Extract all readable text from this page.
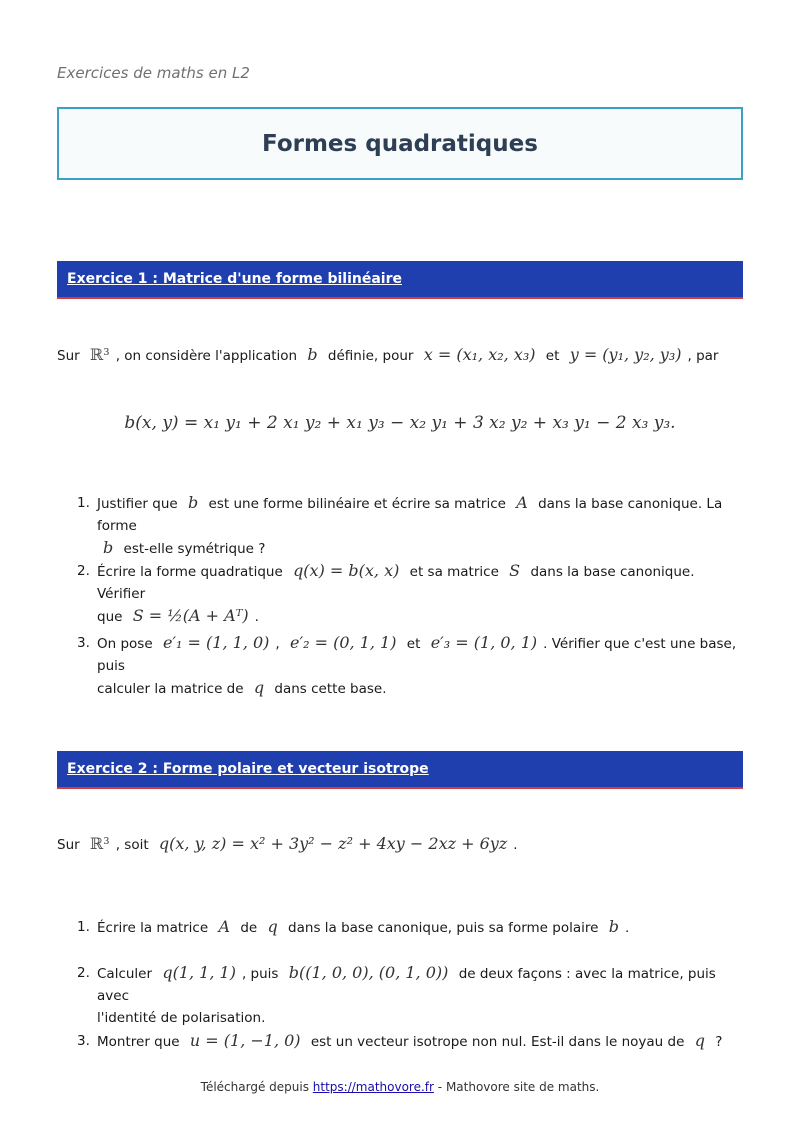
Exercices de maths en L2
Formes quadratiques
Exercice 1 : Matrice d'une forme bilinéaire
Sur ℝ³ , on considère l'application b définie, pour x = (x₁, x₂, x₃) et y = (y₁, y₂, y₃) , par
b(x, y) = x₁ y₁ + 2 x₁ y₂ + x₁ y₃ − x₂ y₁ + 3 x₂ y₂ + x₃ y₁ − 2 x₃ y₃.
1. Justifier que b est une forme bilinéaire et écrire sa matrice A dans la base canonique. La forme
b est-elle symétrique ?
2. Écrire la forme quadratique q(x) = b(x, x) et sa matrice S dans la base canonique. Vérifier
que S = ½(A + Aᵀ) .
3. On pose e′₁ = (1, 1, 0) , e′₂ = (0, 1, 1) et e′₃ = (1, 0, 1) . Vérifier que c'est une base, puis
calculer la matrice de q dans cette base.
Exercice 2 : Forme polaire et vecteur isotrope
Sur ℝ³ , soit q(x, y, z) = x² + 3y² − z² + 4xy − 2xz + 6yz .
1. Écrire la matrice A de q dans la base canonique, puis sa forme polaire b .
2. Calculer q(1, 1, 1) , puis b((1, 0, 0), (0, 1, 0)) de deux façons : avec la matrice, puis avec
l'identité de polarisation.
3. Montrer que u = (1, −1, 0) est un vecteur isotrope non nul. Est-il dans le noyau de q ?
Téléchargé depuis https://mathovore.fr - Mathovore site de maths.
